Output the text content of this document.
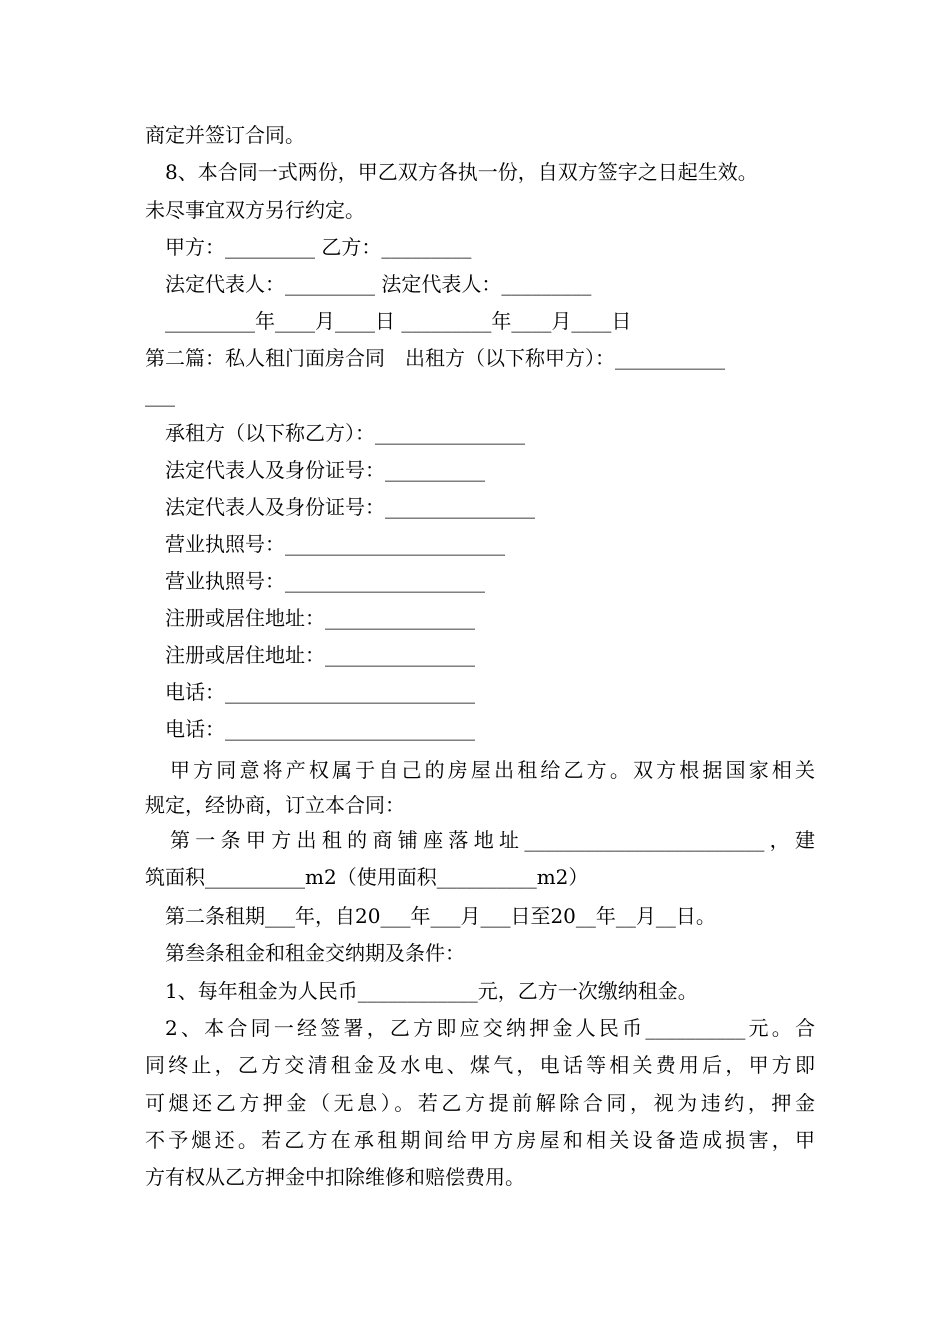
商定并签订合同。
8、本合同一式两份，甲乙双方各执一份，自双方签字之日起生效。
未尽事宜双方另行约定。
甲方：_________ 乙方：_________
法定代表人：_________ 法定代表人：_________
_________年____月____日 _________年____月____日
第二篇：私人租门面房合同　出租方（以下称甲方）：___________
___
承租方（以下称乙方）：_______________
法定代表人及身份证号：__________
法定代表人及身份证号：_______________
营业执照号：______________________
营业执照号：____________________
注册或居住地址：_______________
注册或居住地址：_______________
电话：_________________________
电话：_________________________
甲方同意将产权属于自己的房屋出租给乙方。双方根据国家相关
规定，经协商，订立本合同：
第一条甲方出租的商铺座落地址________________________，建
筑面积__________m2（使用面积__________m2）
第二条租期___年，自20___年___月___日至20__年__月__日。
第叁条租金和租金交纳期及条件：
1、每年租金为人民币____________元，乙方一次缴纳租金。
2、本合同一经签署，乙方即应交纳押金人民币__________元。合
同终止，乙方交清租金及水电、煤气，电话等相关费用后，甲方即
可煺还乙方押金（无息）。若乙方提前解除合同，视为违约，押金
不予煺还。若乙方在承租期间给甲方房屋和相关设备造成损害，甲
方有权从乙方押金中扣除维修和赔偿费用。
